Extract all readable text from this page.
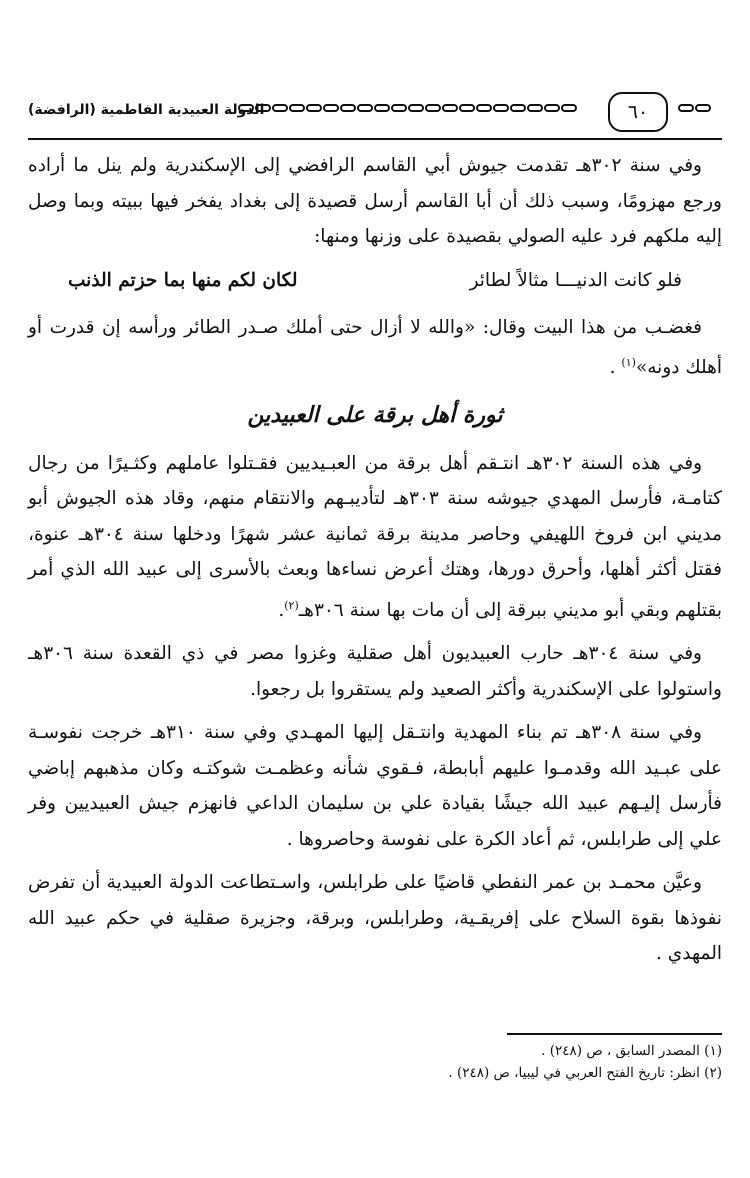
الدولة العبيدية الفاطمية (الرافضة)	٦٠

وفي سنة ٣٠٢هـ تقدمت جيوش أبي القاسم الرافضي إلى الإسكندرية ولم ينل ما أراده ورجع مهزومًا، وسبب ذلك أن أبا القاسم أرسل قصيدة إلى بغداد يفخر فيها ببيته وبما وصل إليه ملكهم فرد عليه الصولي بقصيدة على وزنها ومنها:

فلو كانت الدنيـــا مثالاً لطائر
لكان لكم منها بما حزتم الذنب

فغضـب من هذا البيت وقال: «والله لا أزال حتى أملك صـدر الطائر ورأسه إن قدرت أو أهلك دونه»$^{(١)}$ .

ثورة أهل برقة على العبيدين

وفي هذه السنة ٣٠٢هـ انتـقم أهل برقة من العبـيديين فقـتلوا عاملهم وكثـيرًا من رجال كتامـة، فأرسل المهدي جيوشه سنة ٣٠٣هـ لتأديبـهم والانتقام منهم، وقاد هذه الجيوش أبو مديني ابن فروخ اللهيفي وحاصر مدينة برقة ثمانية عشر شهرًا ودخلها سنة ٣٠٤هـ عنوة، فقتل أكثر أهلها، وأحرق دورها، وهتك أعرض نساءها وبعث بالأسرى إلى عبيد الله الذي أمر بقتلهم وبقي أبو مديني ببرقة إلى أن مات بها سنة ٣٠٦هـ$^{(٢)}$.

وفي سنة ٣٠٤هـ حارب العبيديون أهل صقلية وغزوا مصر في ذي القعدة سنة ٣٠٦هـ واستولوا على الإسكندرية وأكثر الصعيد ولم يستقروا بل رجعوا.

وفي سنة ٣٠٨هـ تم بناء المهدية وانتـقل إليها المهـدي وفي سنة ٣١٠هـ خرجت نفوسـة على عبـيد الله وقدمـوا عليهم أبابطة، فـقوي شأنه وعظمـت شوكتـه وكان مذهبهم إباضي فأرسل إليـهم عبيد الله جيشًا بقيادة علي بن سليمان الداعي فانهزم جيش العبيديين وفر علي إلى طرابلس، ثم أعاد الكرة على نفوسة وحاصروها .

وعيَّن محمـد بن عمر النفطي قاضيًا على طرابلس، واسـتطاعت الدولة العبيدية أن تفرض نفوذها بقوة السلاح على إفريقـية، وطرابلس، وبرقة، وجزيرة صقلية في حكم عبيد الله المهدي .

(١) المصدر السابق ، ص (٢٤٨) .
(٢) انظر: تاريخ الفتح العربي في ليبيا، ص (٢٤٨) .
